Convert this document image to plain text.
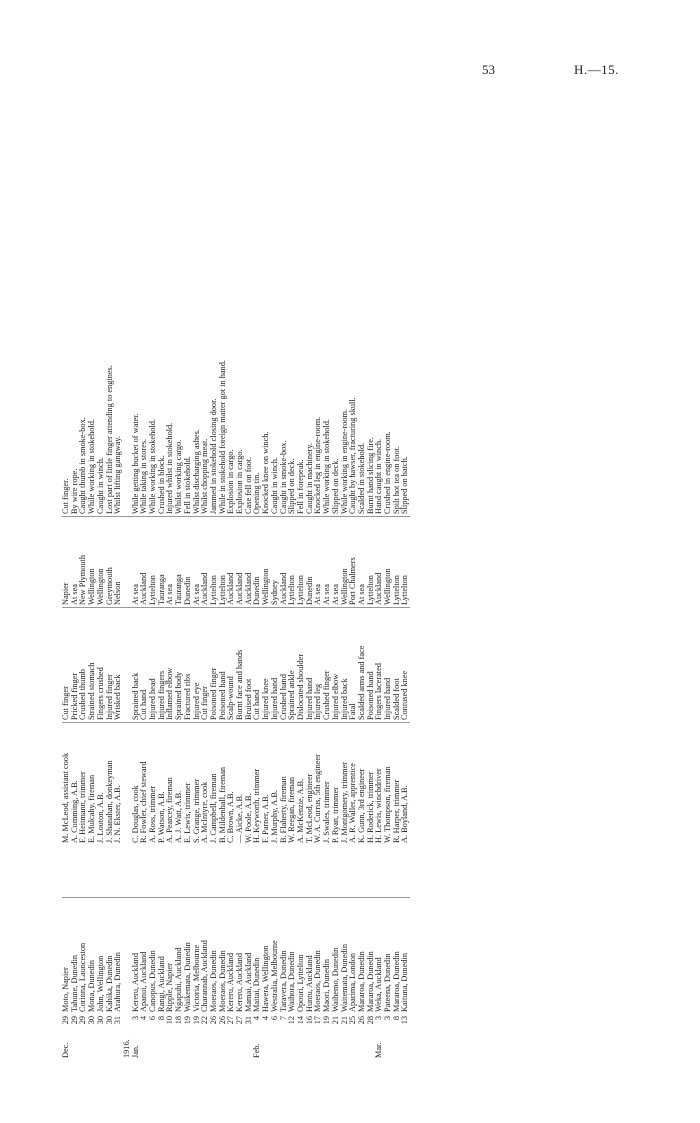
53	H.—15.
Dec.	29	Moto, Napier		M. McLeod, assistant cook	Cut finger	Napier	Cut finger.
	29	Tahune, Dunedin		A. Cumming, A.B.	Pricked finger	At sea	By wire rope.
	29	Corinna, Launceston		F. Heitmann, trimmer	Crushed thumb	New Plymouth	Caught thumb in smoke-box.
	30	Mona, Dunedin		E. Mulcahy, fireman	Strained stomach	Wellington	While working in stokehold.
	30	John, Wellington		J. Louton, A.B.	Fingers crushed	Wellington	Caught in winch.
	30	Kahika, Dunedin		J. Shanahan, donkeyman	Injured finger	Greymouth	Lost part of little finger attending to engines.
	31	Arahura, Dunedin		J. N. Ekster, A.B.	Wrisked back	Nelson	Whilst lifting gangway.
1916.							
Jan.	3	Kereru, Auckland		C. Douglas, cook	Sprained back	At sea	While getting bucket of water.
	4	Apanui, Auckland		R. Fowler, chief steward	Cut hand	Auckland	While taking in stores.
	6	Canopus, Dunedin		A. Ross, trimmer	Injured head	Lyttelton	While working in stokehold.
	8	Rangi, Auckland		P. Watson, A.B.	Injured fingers	Tauranga	Crushed in block.
	10	Ripple, Napier		A. Pearcey, fireman	Inflamed elbow	At sea	Injured whilst in stokehold.
	18	Ngapuhi, Auckland		A. J. Watt, A.B.	Sprained body	Tauranga	Whilst working cargo.
	19	Waikemata, Dunedin		E. Lewis, trimmer	Fractured ribs	Dunedin	Fell in stokehold.
	19	Victoria, Melbourne		S. Grange, trimmer	Injured eye	At sea	Whilst discharging ashes.
	22	Charannah, Auckland		A. McIntyre, cook	Cut finger	Auckland	Whilst chopping meat.
	26	Moeraos, Dunedin		J. Campbell, fireman	Poisoned finger	Lyttelton	Jammed in stokehold closing door.
	26	Moeraos, Dunedin		B. Mildenhall, fireman	Poisoned hand	Lyttelton	While in stokehold foreign matter got in hand.
	27	Kereru, Auckland		C. Brown, A.B.	Scalp-wound	Auckland	Explosion in cargo.
	27	Kereru, Auckland		— Aicke, A.B.	Burnt face and hands	Auckland	Explosion in cargo.
	31	Mamai, Auckland		W. Poole, A.B.	Bruised foot	Auckland	Case fell on foot.
Feb.	4	Maitai, Dunedin		H. Keyworth, trimmer	Cut hand	Dunedin	Opening tin.
	4	Hawera, Wellington		F. Parner, A.B.	Injured knee	Wellington	Knocked knee on winch.
	6	Westralia, Melbourne		J. Murphy, A.B.	Injured hand	Sydney	Caught in winch.
	7	Taravera, Dunedin		B. Flaherty, fireman	Crushed hand	Auckland	Caught in smoke-box.
	12	Waihora, Dunedin		W. Reegan, fireman	Sprained ankle	Lyttelton	Slipped on deck.
	14	Opouri, Lyttelton		A. McKenzie, A.B.	Dislocated shoulder	Lyttelton	Fell in forepeak.
	16	Huntu, Auckland		T. McLeod, engineer	Injured hand	Dunedin	Caught in machinery.
	17	Moeraos, Dunedin		W. A. Currus, 5th engineer	Injured leg	At sea	Knocked leg in engine-room.
	19	Maori, Dunedin		J. Swales, trimmer	Crushed finger	At sea	While working in stokehold.
	21	Waihemo, Dunedin		P. Ryan, trimmer	Injured elbow	At sea	Slipped on deck.
	21	Waitemata, Dunedin		J. Montgomery, trimmer	Injured back	Wellington	While working in engine-room.
	25	Aparima, London		A. R. Waller, apprentice	Fatal	Port Chalmers	Caught by hawser, fracturing skull.
	26	Mararoa, Dunedin		K. Gunn, 3rd engineer	Scalded arms and face	At sea	Scalded in stokehold.
	28	Mararoa, Dunedin		H. Roderick, trimmer	Poisoned hand	Lyttelton	Burnt hand slicing fire.
Mar.	3	Weka, Auckland		H. Lewis, winchdriver	Fingers lacerated	Auckland	Hand caught in winch.
	3	Pateena, Dunedin		W. Thompson, fireman	Injured hand	Wellington	Crushed in engine-room.
	8	Mararoa, Dunedin		R. Harper, trimmer	Scalded foot	Lyttelton	Spilt hot tea on foot.
	13	Kaituna, Dunedin		A. Boyland, A.B.	Contused knee	Lyttelton	Slipped on hatch.
